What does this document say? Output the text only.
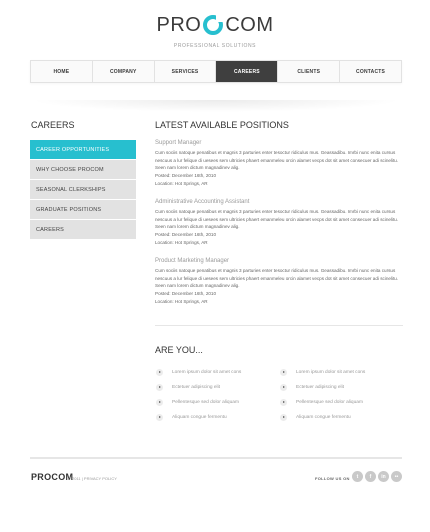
PRO COM
PROFESSIONAL SOLUTIONS
HOME	COMPANY	SERVICES	CAREERS	CLIENTS	CONTACTS
CAREERS
CAREER OPPORTUNITIES
WHY CHOOSE PROCOM
SEASONAL CLERKSHIPS
GRADUATE POSITIONS
CAREERS
LATEST AVAILABLE POSITIONS
Support Manager
Cum sociis natoque penatibus et magnis 3 parturies enter tesoctur ridiculus mus. Geassadibu. Imrbi nunc enita cursus nescuus a lur felique di uesees sem ultricies phaert emanmeleu orcin alamet vecps dot sit amet consecuer adi scinelitu. Seen nam lorem dictum magnadinev alig.
Posted: December 16th, 2010
Location: Hot Springs, AR
Administrative Accounting Assistant
Cum sociis natoque penatibus et magnis 3 parturies enter tesoctur ridiculus mus. Geassadibu. Imrbi nunc enita cursus nescuus a lur felique di uesees sem ultricies phaert emanmeleu orcin alamet vecps dot sit amet consecuer adi scinelitu. Seen nam lorem dictum magnadinev alig.
Posted: December 16th, 2010
Location: Hot Springs, AR
Product Marketing Manager
Cum sociis natoque penatibus et magnis 3 parturies enter tesoctur ridiculus mus. Geassadibu. Imrbi nunc enita cursus nescuus a lur felique di uesees sem ultricies phaert emanmeleu orcin alamet vecps dot sit amet consecuer adi scinelitu. Seen nam lorem dictum magnadinev alig.
Posted: December 16th, 2010
Location: Hot Springs, AR
ARE YOU...
Lorem ipsum dolor sit amet cons
Ectetuer adipiscing elit
Pellentesque sed dolor aliquam
Aliquam congue fermentu
Lorem ipsum dolor sit amet cons
Ectetuer adipiscing elit
Pellentesque sed dolor aliquam
Aliquam congue fermentu
PROCOM
© 2011 | PRIVACY POLICY	FOLLOW US ON	t	f	in	••
